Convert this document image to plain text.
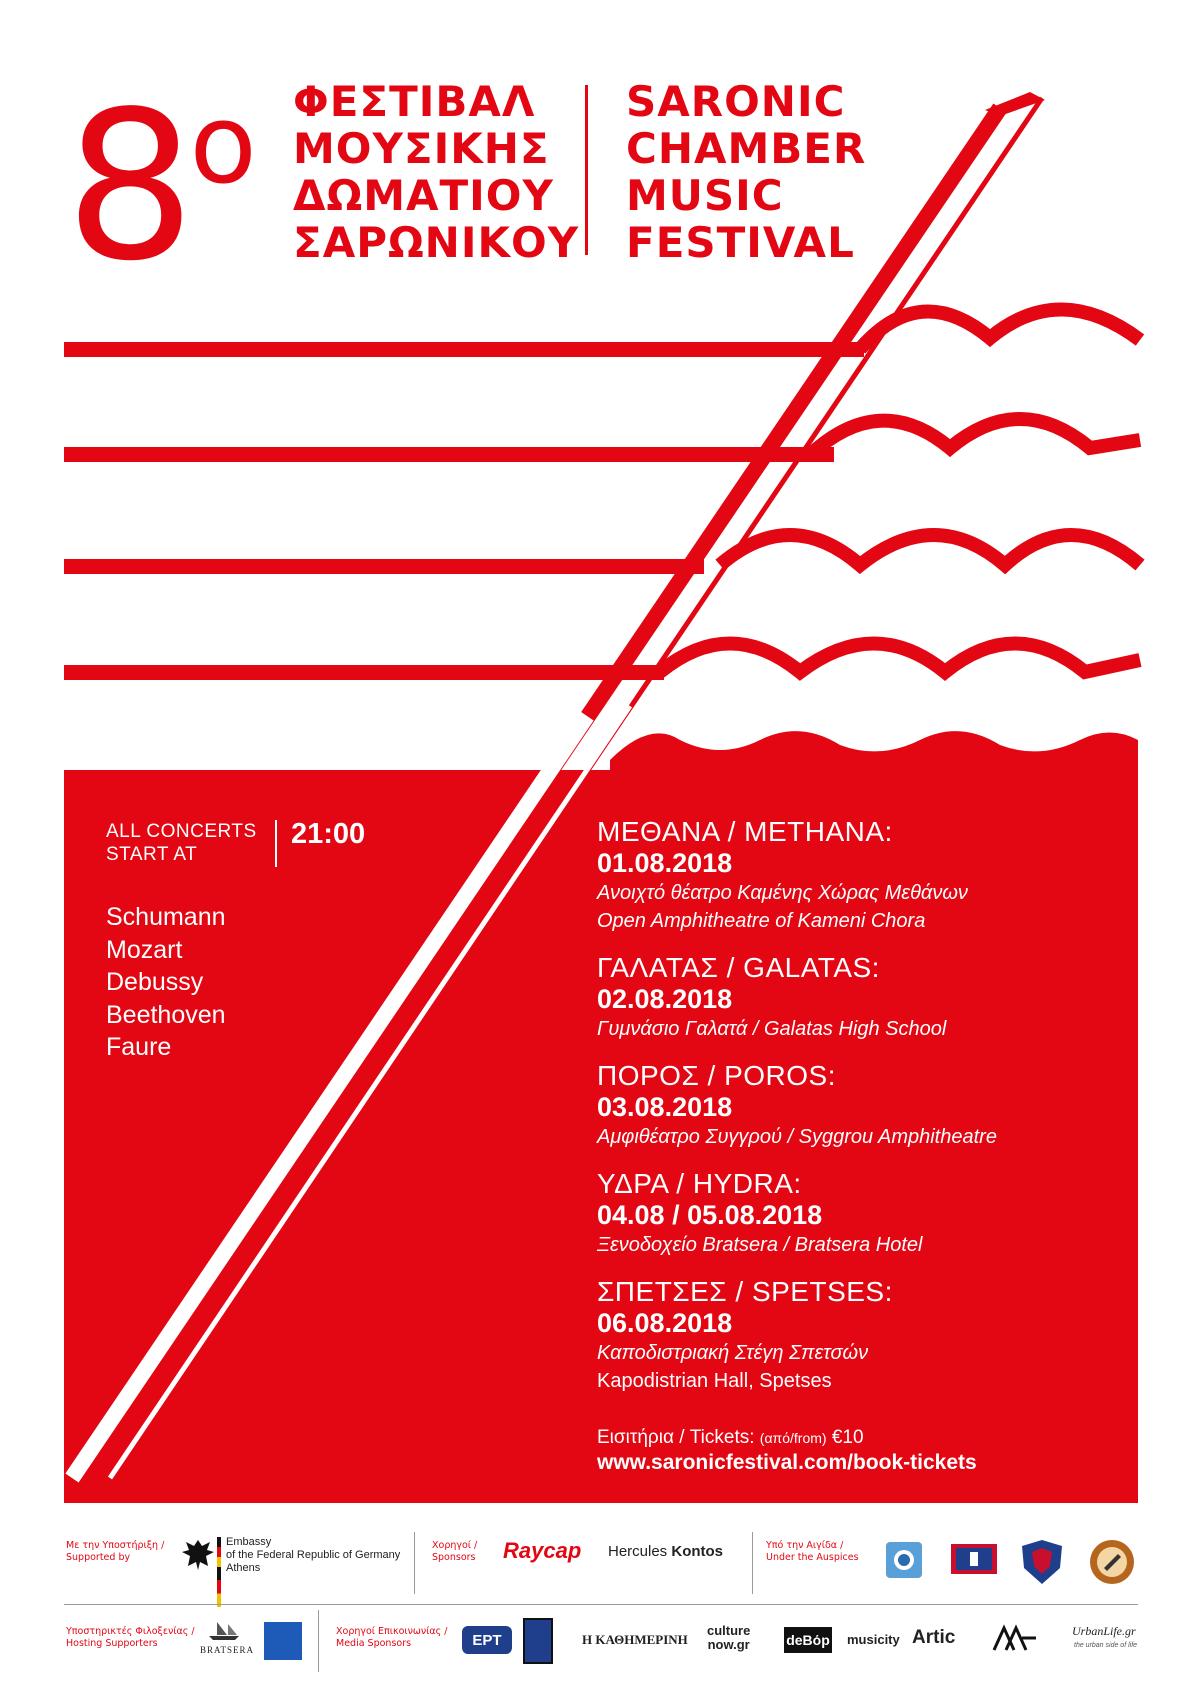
$8^o$ ΦΕΣΤΙΒΑΛ
ΜΟΥΣΙΚΗΣ
ΔΩΜΑΤΙΟΥ
ΣΑΡΩΝΙΚΟΥ
SARONIC
CHAMBER
MUSIC
FESTIVAL
ALL CONCERTS
START AT
21:00
Schumann
Mozart
Debussy
Beethoven
Faure
ΜΕΘΑΝΑ / METHANA:
01.08.2018
Ανοιχτό θέατρο Καμένης Χώρας Μεθάνων
Open Amphitheatre of Kameni Chora
ΓΑΛΑΤΑΣ / GALATAS:
02.08.2018
Γυμνάσιο Γαλατά / Galatas High School
ΠΟΡΟΣ / POROS:
03.08.2018
Αμφιθέατρο Συγγρού / Syggrou Amphitheatre
ΥΔΡΑ / HYDRA:
04.08 / 05.08.2018
Ξενοδοχείο Bratsera / Bratsera Hotel
ΣΠΕΤΣΕΣ / SPETSES:
06.08.2018
Καποδιστριακή Στέγη Σπετσών
Kapodistrian Hall, Spetses
Εισιτήρια / Tickets: (από/from) €10
www.saronicfestival.com/book-tickets
Με την Υποστήριξη /
Supported by
Embassy
of the Federal Republic of Germany
Athens
Χορηγοί /
Sponsors Raycap Hercules Kontos	Υπό την Αιγίδα /
Under the Auspices
Υποστηρικτές Φιλοξενίας /
Hosting Supporters
BRATSERA
Χορηγοί Επικοινωνίας /
Media Sponsors	ΕΡΤ	Η ΚΑΘΗΜΕΡΙΝΗ
culture
now.gr	deBόp musicity Artic	UrbanLife.gr
the urban side of life
